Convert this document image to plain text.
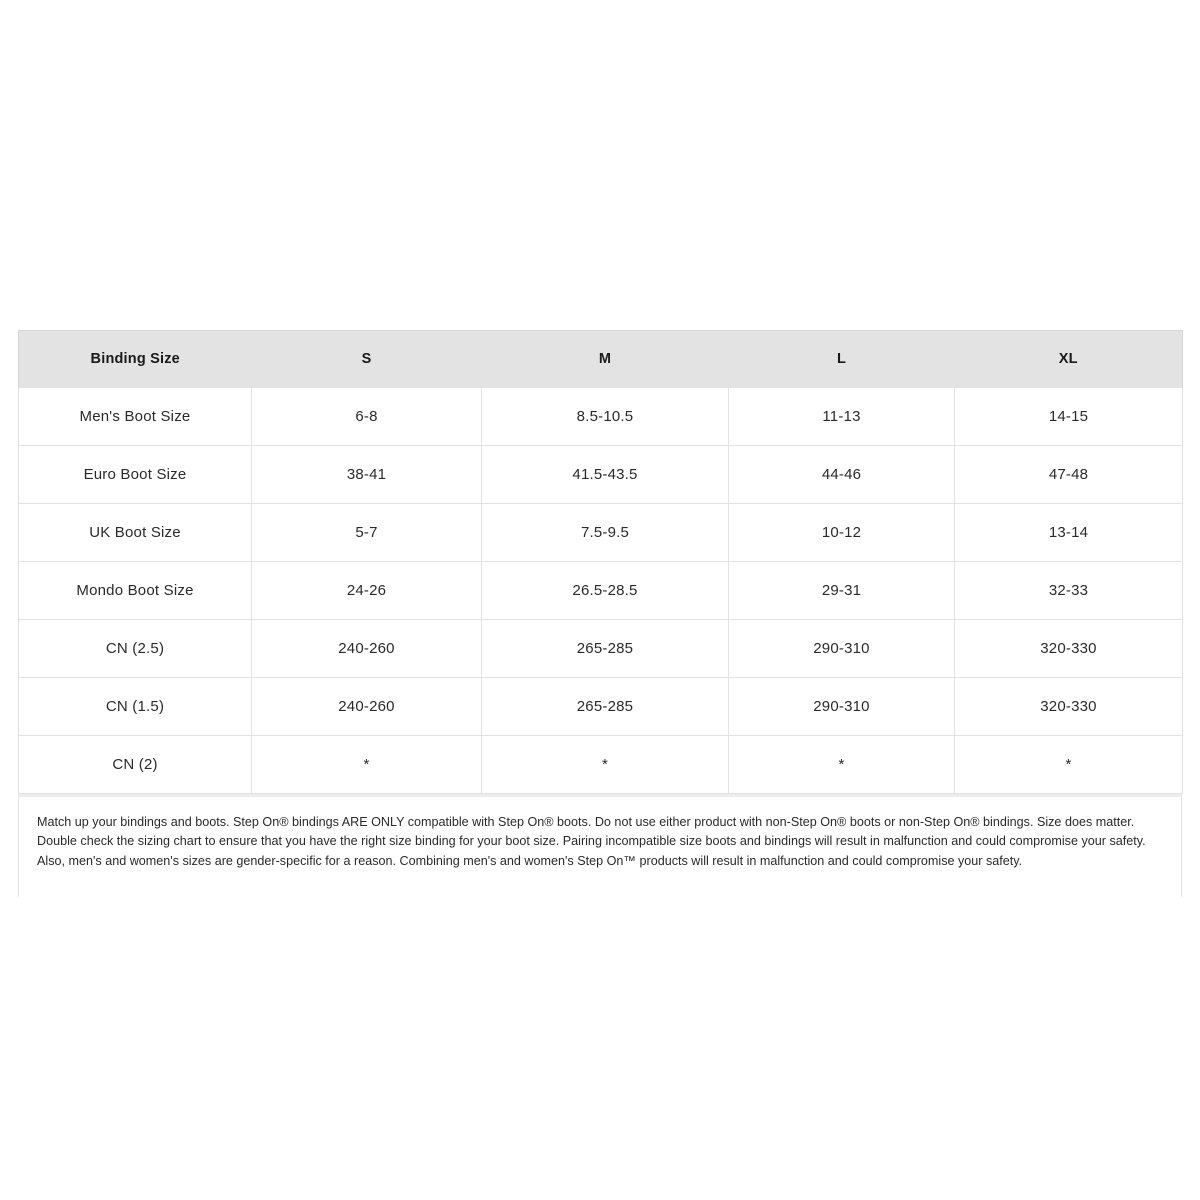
Binding Size	S	M	L	XL
Men's Boot Size	6-8	8.5-10.5	11-13	14-15
Euro Boot Size	38-41	41.5-43.5	44-46	47-48
UK Boot Size	5-7	7.5-9.5	10-12	13-14
Mondo Boot Size	24-26	26.5-28.5	29-31	32-33
CN (2.5)	240-260	265-285	290-310	320-330
CN (1.5)	240-260	265-285	290-310	320-330
CN (2)	*	*	*	*
Match up your bindings and boots. Step On® bindings ARE ONLY compatible with Step On® boots. Do not use either product with non-Step On® boots or non-Step On® bindings. Size does matter. Double check the sizing chart to ensure that you have the right size binding for your boot size. Pairing incompatible size boots and bindings will result in malfunction and could compromise your safety. Also, men's and women's sizes are gender-specific for a reason. Combining men's and women's Step On™ products will result in malfunction and could compromise your safety.
